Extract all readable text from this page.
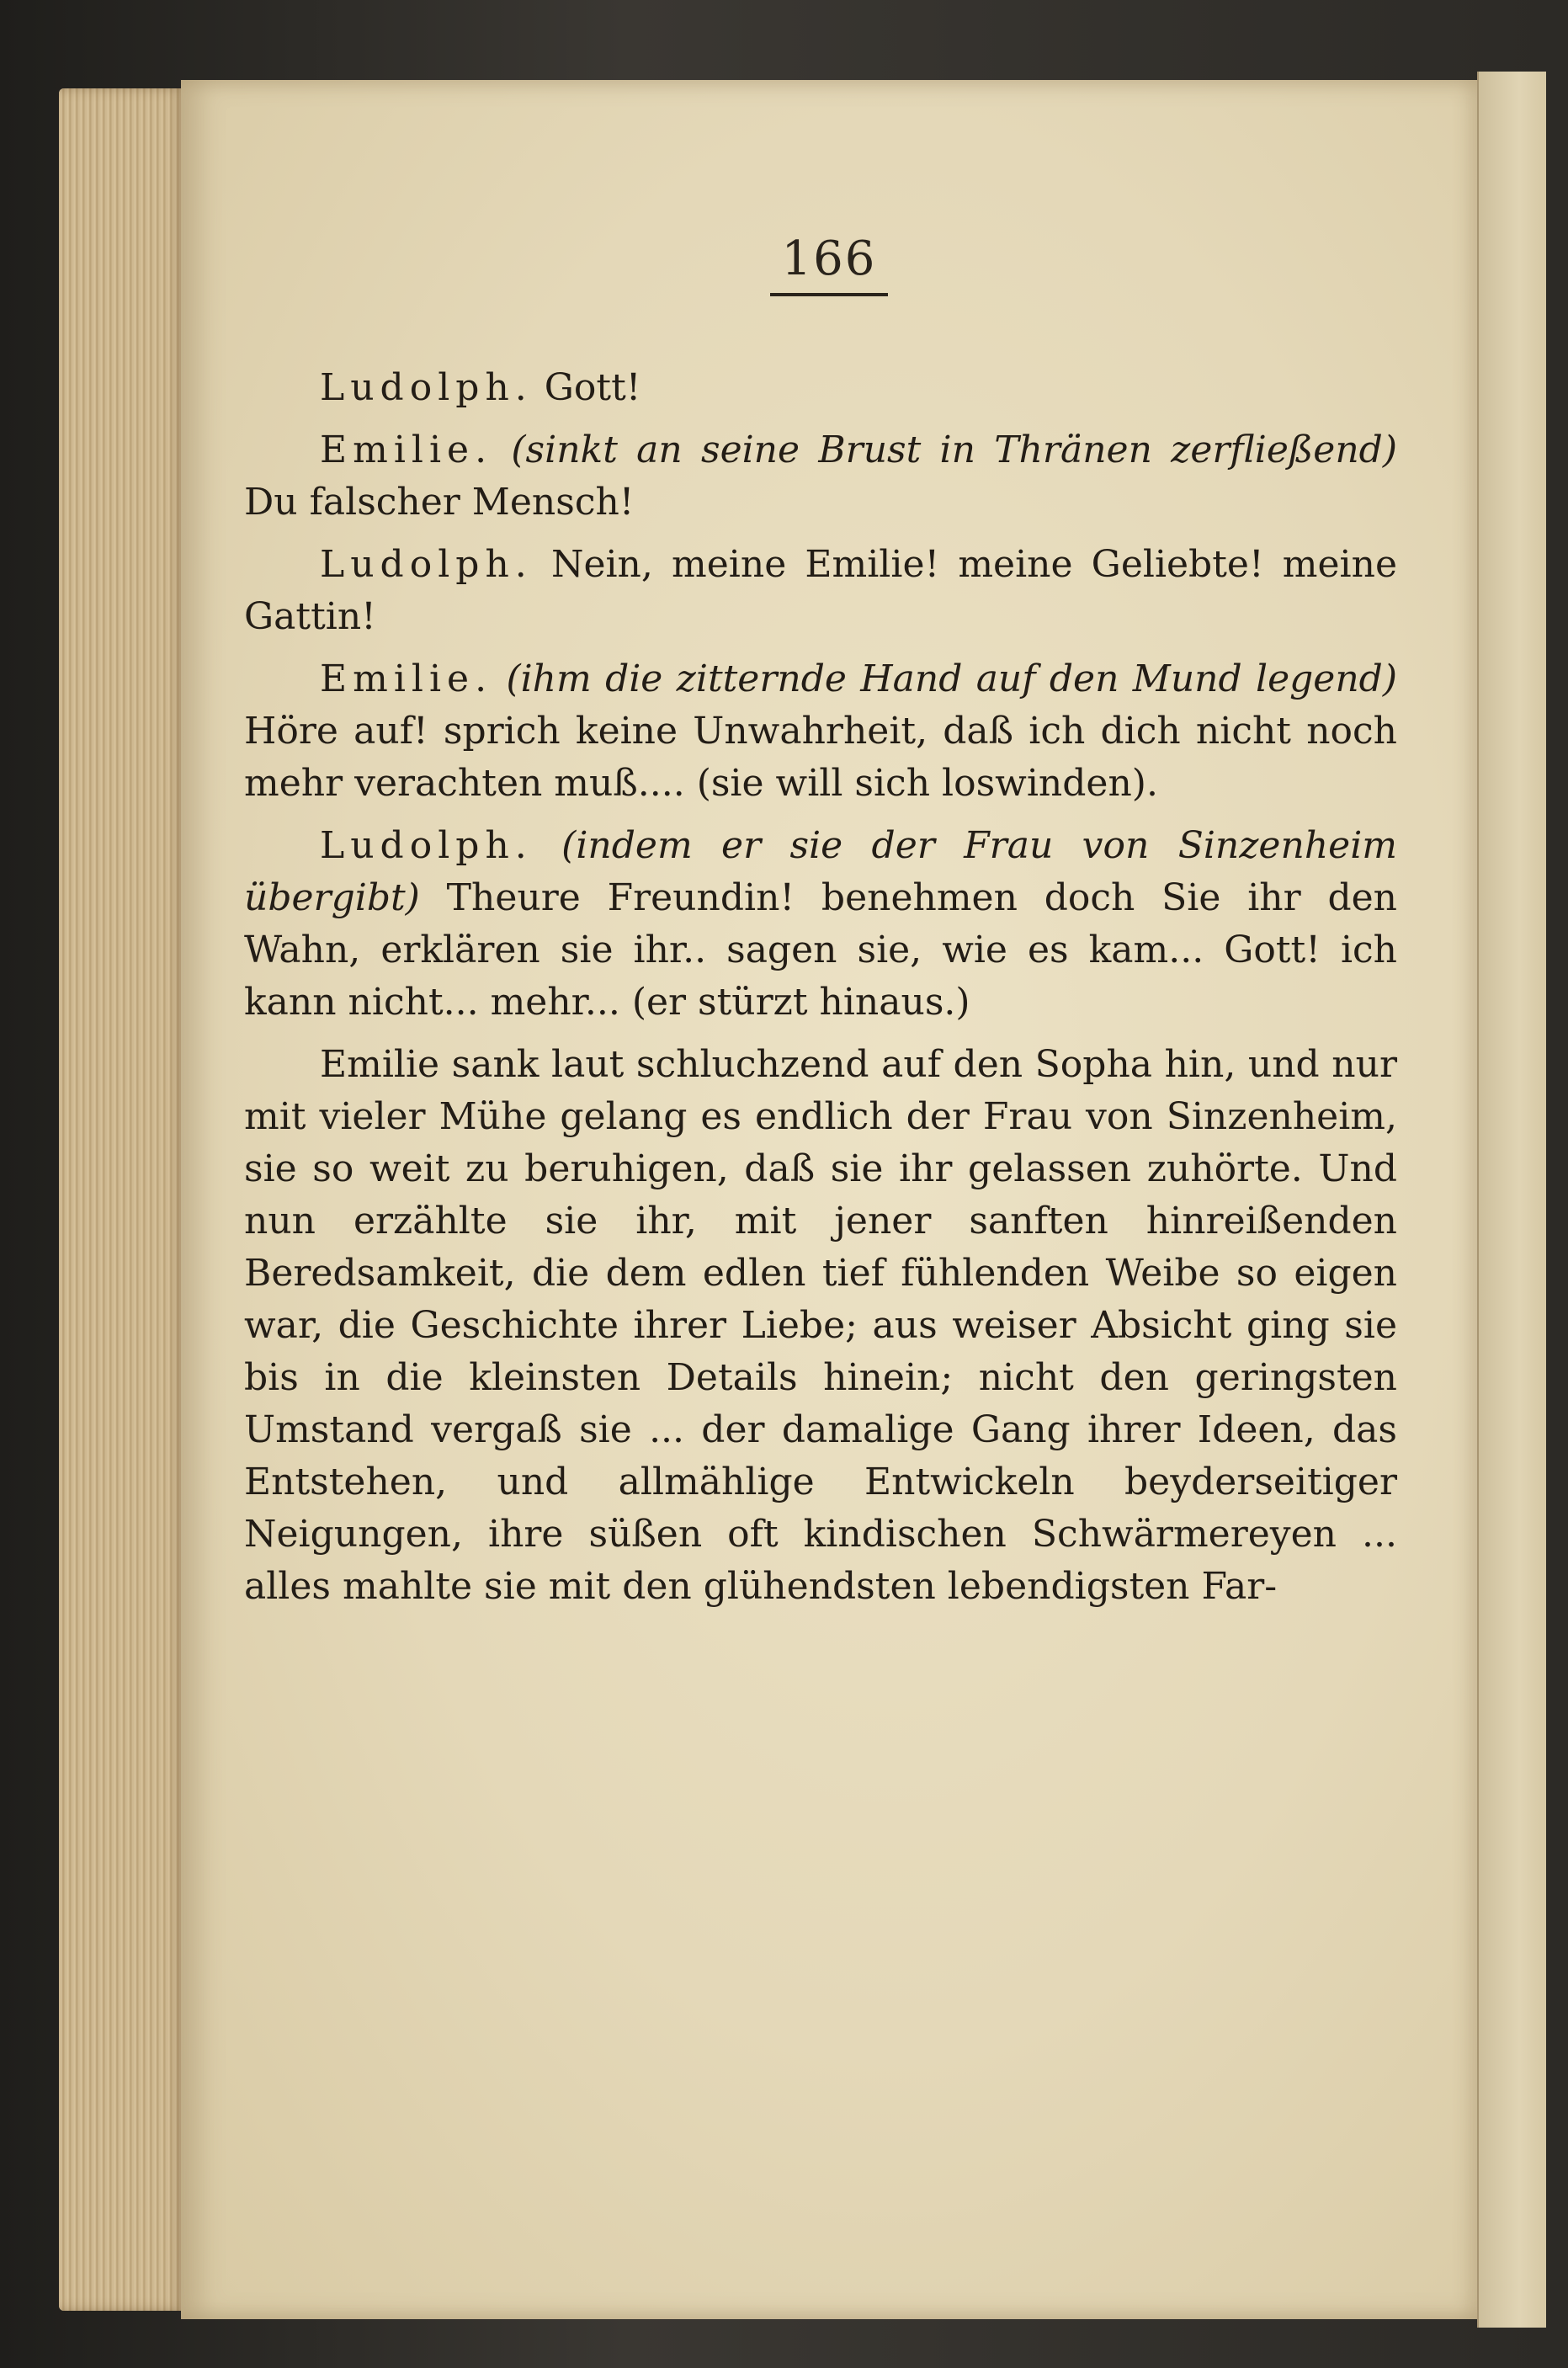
166

Ludolph. Gott!

Emilie. (sinkt an seine Brust in Thränen zerfließend) Du falscher Mensch!

Ludolph. Nein, meine Emilie! meine Geliebte! meine Gattin!

Emilie. (ihm die zitternde Hand auf den Mund legend) Höre auf! sprich keine Unwahrheit, daß ich dich nicht noch mehr verachten muß.... (sie will sich loswinden).

Ludolph. (indem er sie der Frau von Sinzenheim übergibt) Theure Freundin! benehmen doch Sie ihr den Wahn, erklären sie ihr.. sagen sie, wie es kam... Gott! ich kann nicht... mehr... (er stürzt hinaus.)

Emilie sank laut schluchzend auf den Sopha hin, und nur mit vieler Mühe gelang es endlich der Frau von Sinzenheim, sie so weit zu beruhigen, daß sie ihr gelassen zuhörte. Und nun erzählte sie ihr, mit jener sanften hinreißenden Beredsamkeit, die dem edlen tief fühlenden Weibe so eigen war, die Geschichte ihrer Liebe; aus weiser Absicht ging sie bis in die kleinsten Details hinein; nicht den geringsten Umstand vergaß sie ... der damalige Gang ihrer Ideen, das Entstehen, und allmählige Entwickeln beyderseitiger Neigungen, ihre süßen oft kindischen Schwärmereyen ... alles mahlte sie mit den glühendsten lebendigsten Far-
